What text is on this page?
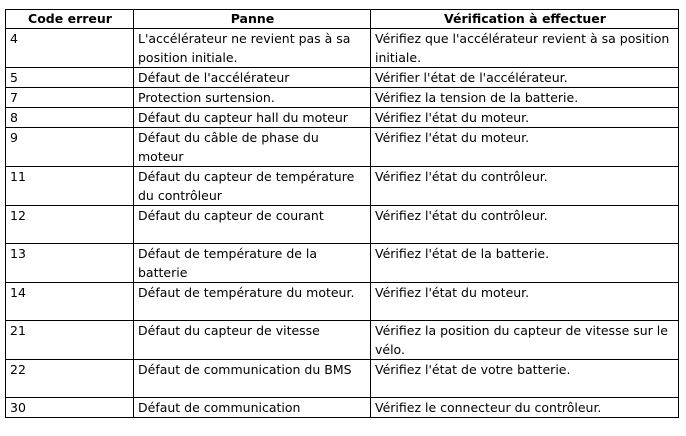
Code erreur	Panne	Vérification à effectuer
4	L'accélérateur ne revient pas à sa position initiale.	Vérifiez que l'accélérateur revient à sa position initiale.
5	Défaut de l'accélérateur	Vérifier l'état de l'accélérateur.
7	Protection surtension.	Vérifiez la tension de la batterie.
8	Défaut du capteur hall du moteur	Vérifiez l'état du moteur.
9	Défaut du câble de phase du moteur	Vérifiez l'état du moteur.
11	Défaut du capteur de température du contrôleur	Vérifiez l'état du contrôleur.
12	Défaut du capteur de courant	Vérifiez l'état du contrôleur.
13	Défaut de température de la batterie	Vérifiez l'état de la batterie.
14	Défaut de température du moteur.	Vérifiez l'état du moteur.
21	Défaut du capteur de vitesse	Vérifiez la position du capteur de vitesse sur le vélo.
22	Défaut de communication du BMS	Vérifiez l'état de votre batterie.
30	Défaut de communication	Vérifiez le connecteur du contrôleur.
